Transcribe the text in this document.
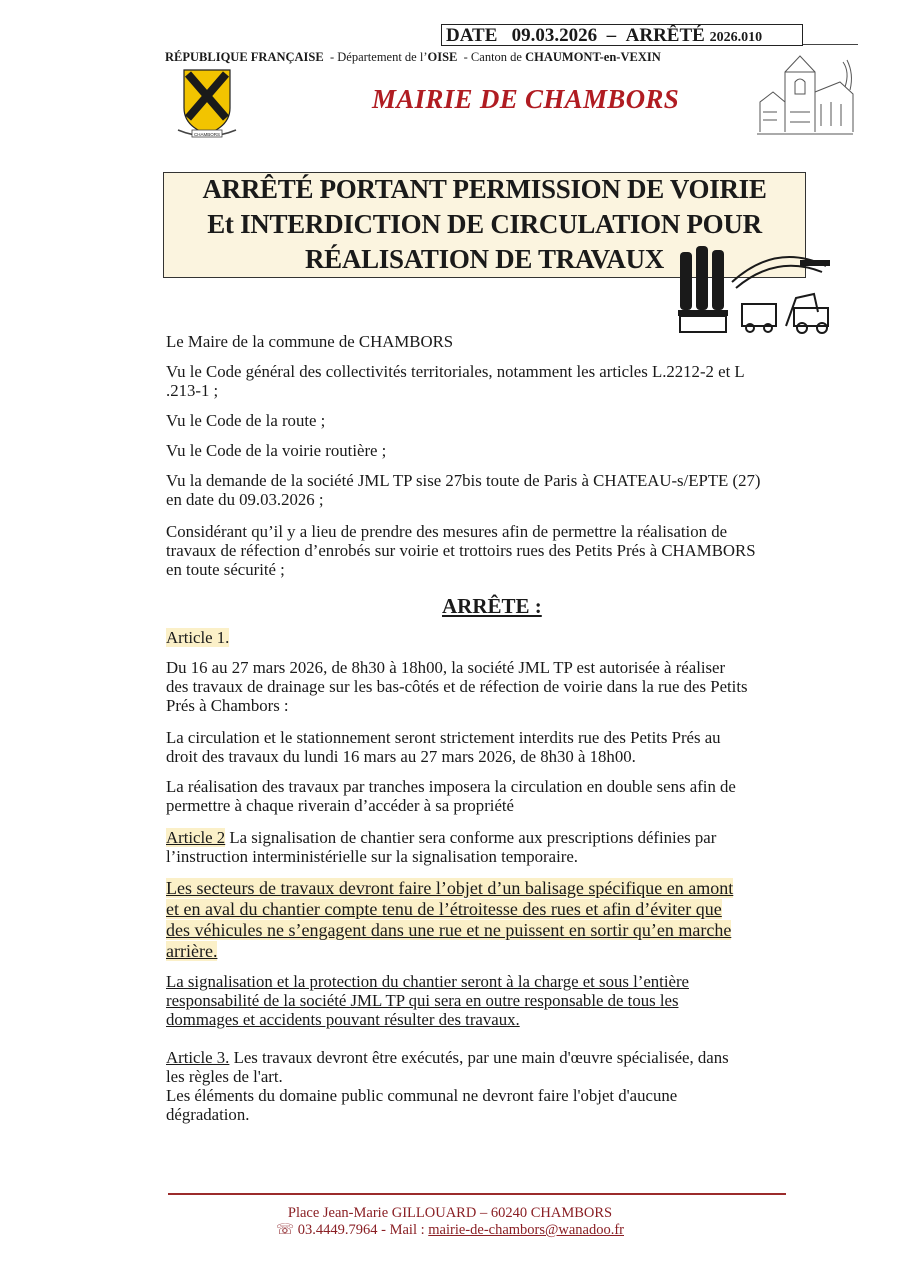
DATE 09.03.2026 – ARRÊTÉ 2026.010
RÉPUBLIQUE FRANÇAISE - Département de l’OISE - Canton de CHAUMONT-en-VEXIN
CHAMBORS
MAIRIE DE CHAMBORS
ARRÊTÉ PORTANT PERMISSION DE VOIRIE
Et INTERDICTION DE CIRCULATION POUR
RÉALISATION DE TRAVAUX
Le Maire de la commune de CHAMBORS
Vu le Code général des collectivités territoriales, notamment les articles L.2212-2 et L
.213-1 ;
Vu le Code de la route ;
Vu le Code de la voirie routière ;
Vu la demande de la société JML TP sise 27bis toute de Paris à CHATEAU-s/EPTE (27)
en date du 09.03.2026 ;
Considérant qu’il y a lieu de prendre des mesures afin de permettre la réalisation de
travaux de réfection d’enrobés sur voirie et trottoirs rues des Petits Prés à CHAMBORS
en toute sécurité ;
ARRÊTE :
Article 1.
Du 16 au 27 mars 2026, de 8h30 à 18h00, la société JML TP est autorisée à réaliser
des travaux de drainage sur les bas-côtés et de réfection de voirie dans la rue des Petits
Prés à Chambors :
La circulation et le stationnement seront strictement interdits rue des Petits Prés au
droit des travaux du lundi 16 mars au 27 mars 2026, de 8h30 à 18h00.
La réalisation des travaux par tranches imposera la circulation en double sens afin de
permettre à chaque riverain d’accéder à sa propriété
Article 2 La signalisation de chantier sera conforme aux prescriptions définies par
l’instruction interministérielle sur la signalisation temporaire.
Les secteurs de travaux devront faire l’objet d’un balisage spécifique en amont
et en aval du chantier compte tenu de l’étroitesse des rues et afin d’éviter que
des véhicules ne s’engagent dans une rue et ne puissent en sortir qu’en marche
arrière.
La signalisation et la protection du chantier seront à la charge et sous l’entière
responsabilité de la société JML TP qui sera en outre responsable de tous les
dommages et accidents pouvant résulter des travaux.
Article 3. Les travaux devront être exécutés, par une main d'œuvre spécialisée, dans
les règles de l'art.
Les éléments du domaine public communal ne devront faire l'objet d'aucune
dégradation.
Place Jean-Marie GILLOUARD – 60240 CHAMBORS
☏ 03.4449.7964 - Mail : mairie-de-chambors@wanadoo.fr
